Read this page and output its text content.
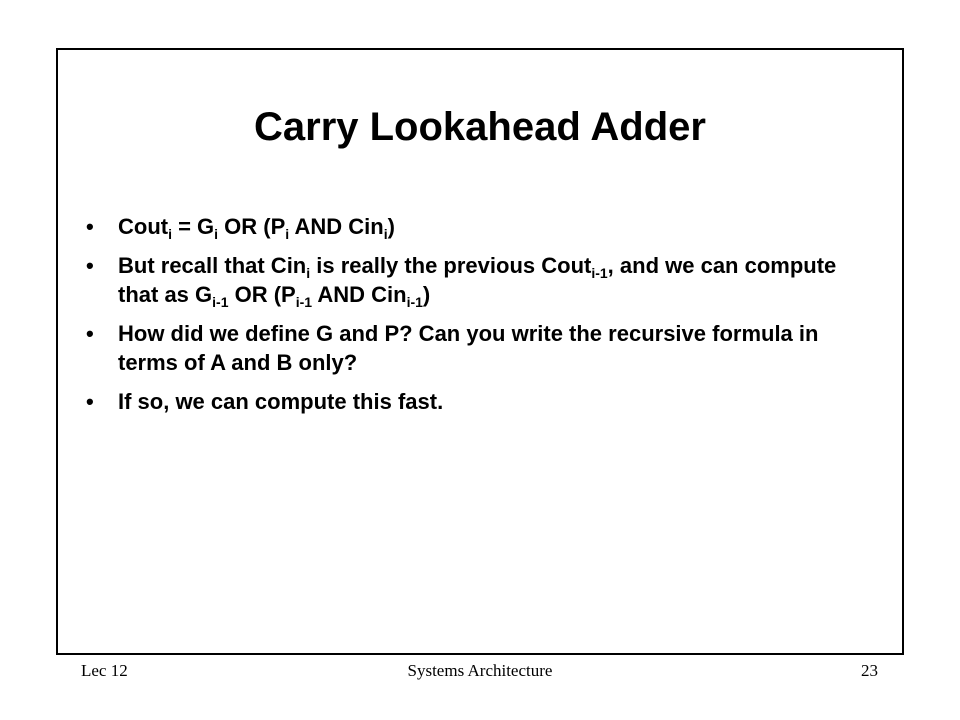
Carry Lookahead Adder
• Cout$_i$ = $G_i$ OR ($P_i$ AND Cin$_i$)
• But recall that Cin$_i$ is really the previous Cout$_{i-1}$, and we can compute that as $G_{i-1}$ OR ($P_{i-1}$ AND Cin$_{i-1}$)
• How did we define G and P? Can you write the recursive formula in terms of A and B only?
• If so, we can compute this fast.
Lec 12	Systems Architecture	23
